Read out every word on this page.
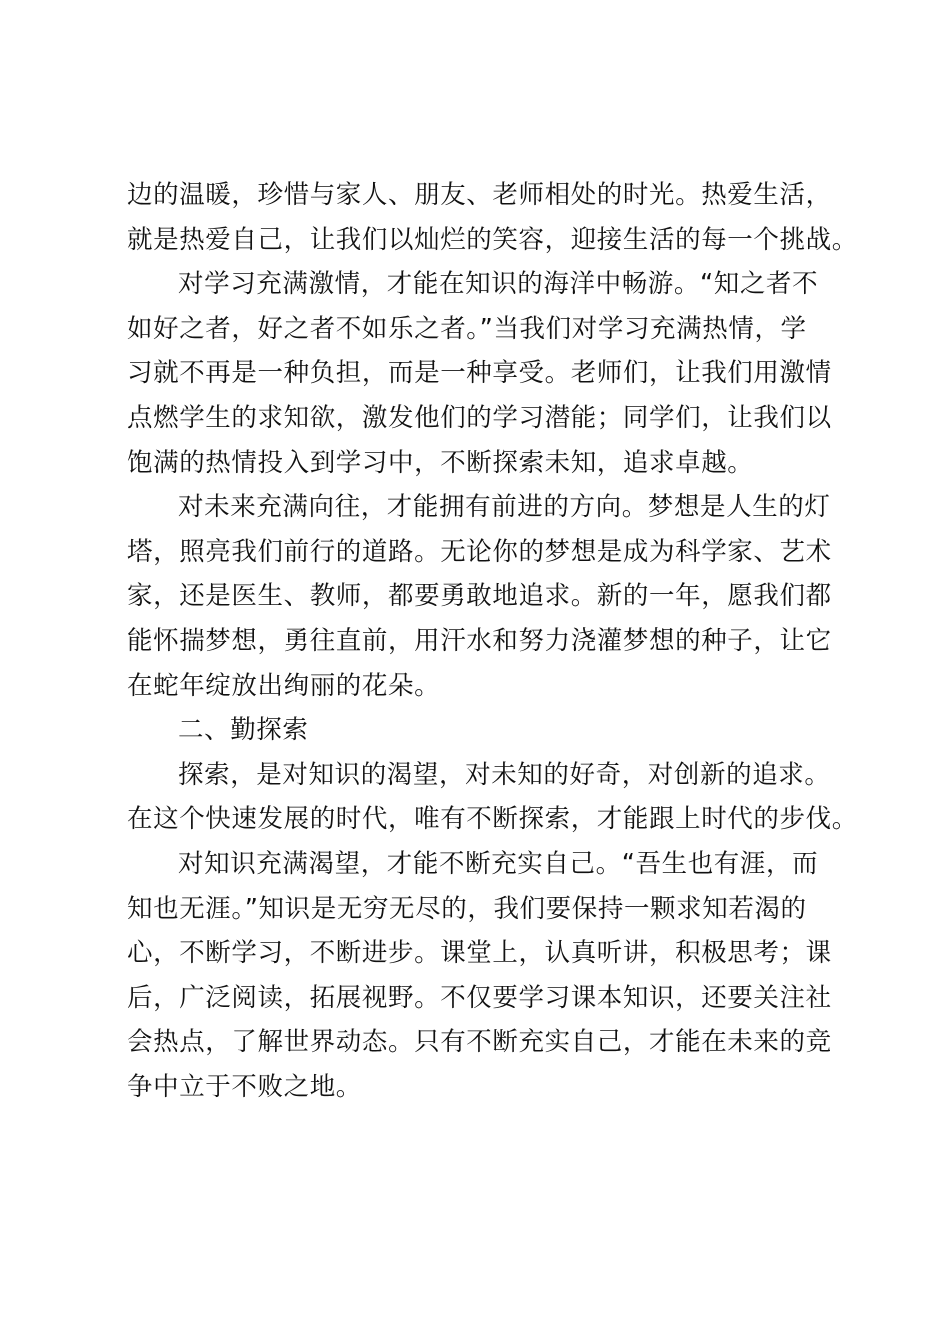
边的温暖，珍惜与家人、朋友、老师相处的时光。热爱生活，
就是热爱自己，让我们以灿烂的笑容，迎接生活的每一个挑战。
对学习充满激情，才能在知识的海洋中畅游。“知之者不
如好之者，好之者不如乐之者。”当我们对学习充满热情，学
习就不再是一种负担，而是一种享受。老师们，让我们用激情
点燃学生的求知欲，激发他们的学习潜能；同学们，让我们以
饱满的热情投入到学习中，不断探索未知，追求卓越。
对未来充满向往，才能拥有前进的方向。梦想是人生的灯
塔，照亮我们前行的道路。无论你的梦想是成为科学家、艺术
家，还是医生、教师，都要勇敢地追求。新的一年，愿我们都
能怀揣梦想，勇往直前，用汗水和努力浇灌梦想的种子，让它
在蛇年绽放出绚丽的花朵。
二、勤探索
探索，是对知识的渴望，对未知的好奇，对创新的追求。
在这个快速发展的时代，唯有不断探索，才能跟上时代的步伐。
对知识充满渴望，才能不断充实自己。“吾生也有涯，而
知也无涯。”知识是无穷无尽的，我们要保持一颗求知若渴的
心，不断学习，不断进步。课堂上，认真听讲，积极思考；课
后，广泛阅读，拓展视野。不仅要学习课本知识，还要关注社
会热点，了解世界动态。只有不断充实自己，才能在未来的竞
争中立于不败之地。
